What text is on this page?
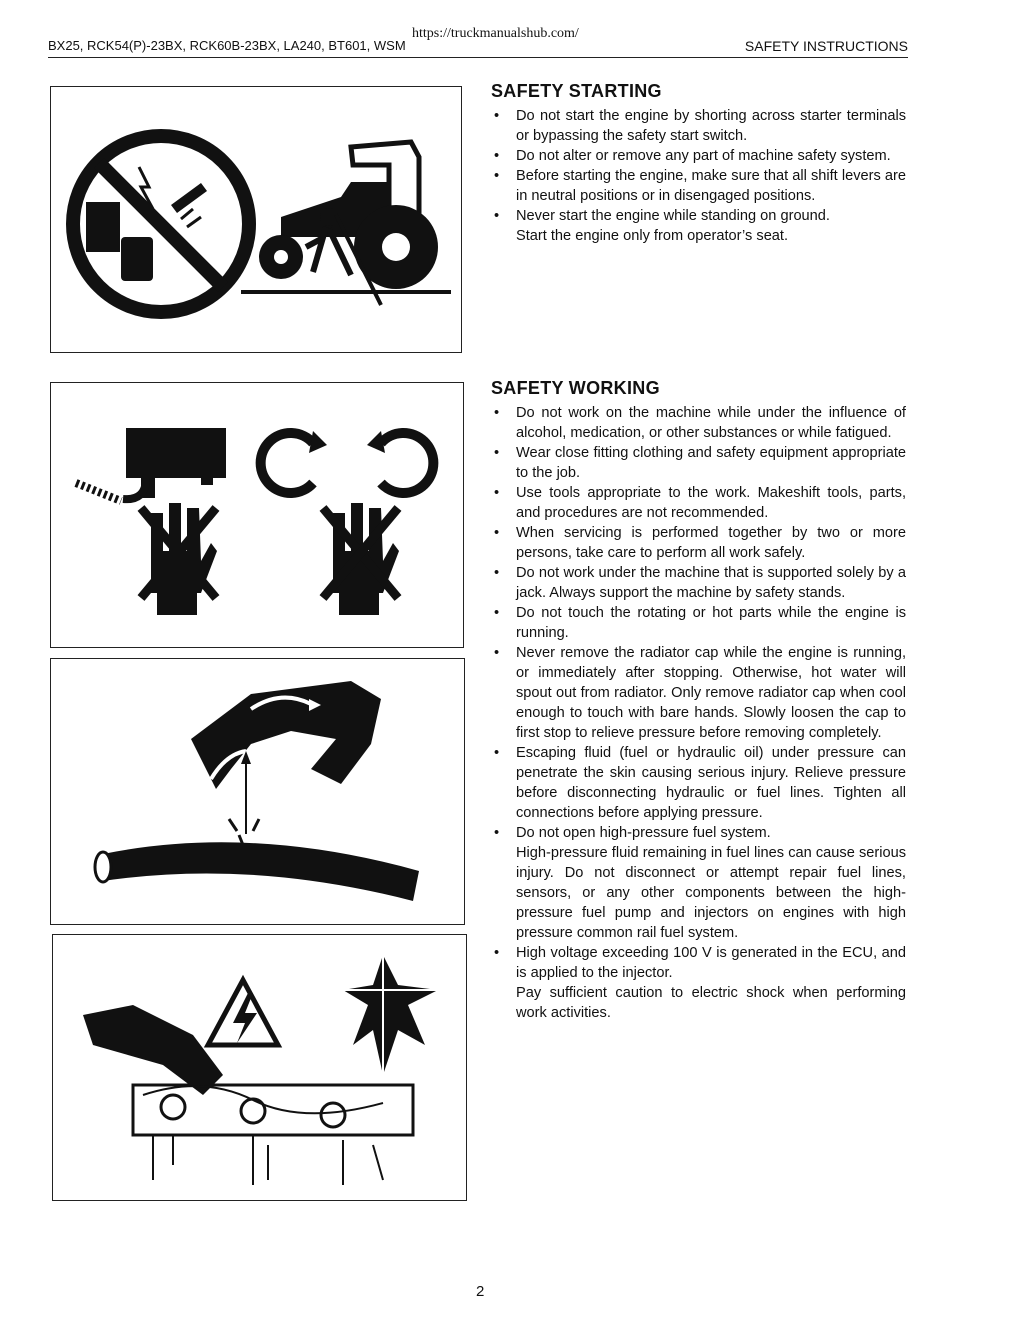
BX25, RCK54(P)-23BX, RCK60B-23BX, LA240, BT601, WSM
https://truckmanualshub.com/
SAFETY INSTRUCTIONS
SAFETY STARTING
• Do not start the engine by shorting across starter terminals or bypassing the safety start switch.
• Do not alter or remove any part of machine safety system.
• Before starting the engine, make sure that all shift levers are in neutral positions or in disengaged positions.
• Never start the engine while standing on ground.
Start the engine only from operator’s seat.
SAFETY WORKING
• Do not work on the machine while under the influence of alcohol, medication, or other substances or while fatigued.
• Wear close fitting clothing and safety equipment appropriate to the job.
• Use tools appropriate to the work. Makeshift tools, parts, and procedures are not recommended.
• When servicing is performed together by two or more persons, take care to perform all work safely.
• Do not work under the machine that is supported solely by a jack. Always support the machine by safety stands.
• Do not touch the rotating or hot parts while the engine is running.
• Never remove the radiator cap while the engine is running, or immediately after stopping. Otherwise, hot water will spout out from radiator. Only remove radiator cap when cool enough to touch with bare hands. Slowly loosen the cap to first stop to relieve pressure before removing completely.
• Escaping fluid (fuel or hydraulic oil) under pressure can penetrate the skin causing serious injury. Relieve pressure before disconnecting hydraulic or fuel lines. Tighten all connections before applying pressure.
• Do not open high-pressure fuel system.
High-pressure fluid remaining in fuel lines can cause serious injury. Do not disconnect or attempt repair fuel lines, sensors, or any other components between the high-pressure fuel pump and injectors on engines with high pressure common rail fuel system.
• High voltage exceeding 100 V is generated in the ECU, and is applied to the injector.
Pay sufficient caution to electric shock when performing work activities.
2
